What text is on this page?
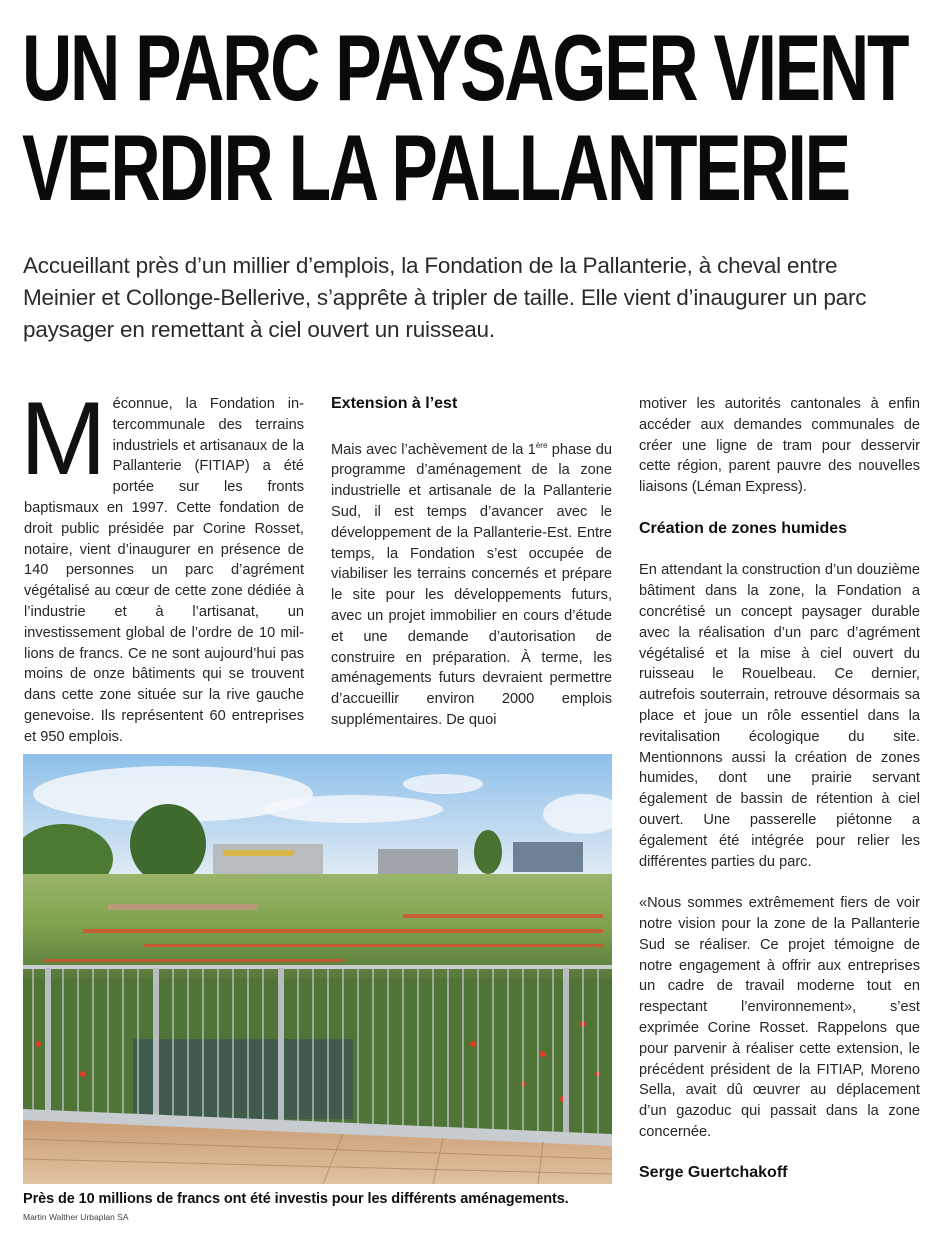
UN PARC PAYSAGER VIENT
VERDIR LA PALLANTERIE

Accueillant près d’un millier d’emplois, la Fondation de la Pallanterie, à cheval entre Meinier et Collonge-Bellerive, s’apprête à tripler de taille. Elle vient d’inaugurer un parc paysager en remettant à ciel ouvert un ruisseau.

M éconnue, la Fondation intercommunale des terrains industriels et artisanaux de la Pallanterie (FITIAP) a été portée sur les fronts baptismaux en 1997. Cette fondation de droit public présidée par Corine Rosset, notaire, vient d’inaugurer en présence de 140 personnes un parc d’agrément végétalisé au cœur de cette zone dédiée à l’industrie et à l’artisanat, un investissement global de l’ordre de 10 millions de francs. Ce ne sont aujourd’hui pas moins de onze bâtiments qui se trouvent dans cette zone située sur la rive gauche genevoise. Ils représentent 60 entreprises et 950 emplois.

Extension à l’est

Mais avec l’achèvement de la 1ère phase du programme d’aménagement de la zone industrielle et artisanale de la Pallanterie Sud, il est temps d’avancer avec le développement de la Pallanterie-Est. Entre temps, la Fondation s’est occupée de viabiliser les terrains concernés et prépare le site pour les développements futurs, avec un projet immobilier en cours d’étude et une demande d’autorisation de construire en préparation. À terme, les aménagements futurs devraient permettre d’accueillir environ 2000 emplois supplémentaires. De quoi

motiver les autorités cantonales à enfin accéder aux demandes communales de créer une ligne de tram pour desservir cette région, parent pauvre des nouvelles liaisons (Léman Express).

Création de zones humides

En attendant la construction d’un douzième bâtiment dans la zone, la Fondation a concrétisé un concept paysager durable avec la réalisation d’un parc d’agrément végétalisé et la mise à ciel ouvert du ruisseau le Rouelbeau. Ce dernier, autrefois souterrain, retrouve désormais sa place et joue un rôle essentiel dans la revitalisation écologique du site. Mentionnons aussi la création de zones humides, dont une prairie servant également de bassin de rétention à ciel ouvert. Une passerelle piétonne a également été intégrée pour relier les différentes parties du parc.

«Nous sommes extrêmement fiers de voir notre vision pour la zone de la Pallanterie Sud se réaliser. Ce projet témoigne de notre engagement à offrir aux entreprises un cadre de travail moderne tout en respectant l’environnement», s’est exprimée Corine Rosset. Rappelons que pour parvenir à réaliser cette extension, le précédent président de la FITIAP, Moreno Sella, avait dû œuvrer au déplacement d’un gazoduc qui passait dans la zone concernée.

Serge Guertchakoff
Près de 10 millions de francs ont été investis pour les différents aménagements.
Martin Walther Urbaplan SA
